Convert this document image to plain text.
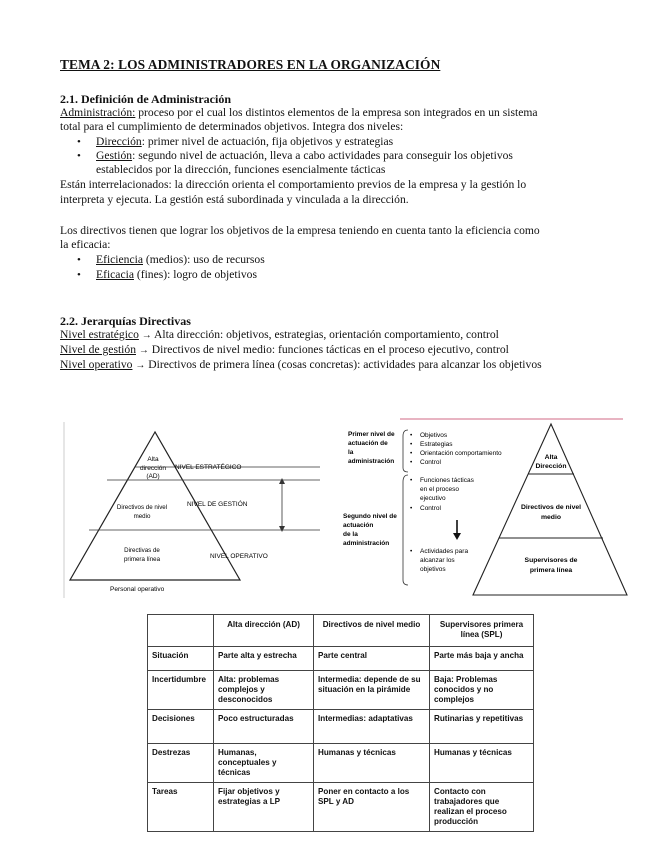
TEMA 2: LOS ADMINISTRADORES EN LA ORGANIZACIÓN
2.1. Definición de Administración
Administración: proceso por el cual los distintos elementos de la empresa son integrados en un sistema
total para el cumplimiento de determinados objetivos. Integra dos niveles:
• Dirección: primer nivel de actuación, fija objetivos y estrategias
• Gestión: segundo nivel de actuación, lleva a cabo actividades para conseguir los objetivos
establecidos por la dirección, funciones esencialmente tácticas
Están interrelacionados: la dirección orienta el comportamiento previos de la empresa y la gestión lo
interpreta y ejecuta. La gestión está subordinada y vinculada a la dirección.
Los directivos tienen que lograr los objetivos de la empresa teniendo en cuenta tanto la eficiencia como
la eficacia:
• Eficiencia (medios): uso de recursos
• Eficacia (fines): logro de objetivos
2.2. Jerarquías Directivas
Nivel estratégico → Alta dirección: objetivos, estrategias, orientación comportamiento, control
Nivel de gestión → Directivos de nivel medio: funciones tácticas en el proceso ejecutivo, control
Nivel operativo → Directivos de primera línea (cosas concretas): actividades para alcanzar los objetivos
Alta
dirección
(AD)
Directivos de nivel
medio
Directivas de
primera línea
NIVEL ESTRATÉGICO
NIVEL DE GESTIÓN
NIVEL OPERATIVO
Personal operativo
Primer nivel de
actuación de
la
administración
Segundo nivel de
actuación
de la
administración
• Objetivos
• Estrategias
• Orientación comportamiento
• Control
• Funciones tácticas
en el proceso
ejecutivo
• Control
• Actividades para
alcanzar los
objetivos
Alta
Dirección
Directivos de nivel
medio
Supervisores de
primera línea
	Alta dirección (AD)	Directivos de nivel medio	Supervisores primera línea (SPL)
Situación	Parte alta y estrecha	Parte central	Parte más baja y ancha
Incertidumbre	Alta: problemas complejos y desconocidos	Intermedia: depende de su situación en la pirámide	Baja: Problemas conocidos y no complejos
Decisiones	Poco estructuradas	Intermedias: adaptativas	Rutinarias y repetitivas
Destrezas	Humanas, conceptuales y técnicas	Humanas y técnicas	Humanas y técnicas
Tareas	Fijar objetivos y estrategias a LP	Poner en contacto a los SPL y AD	Contacto con trabajadores que realizan el proceso producción
